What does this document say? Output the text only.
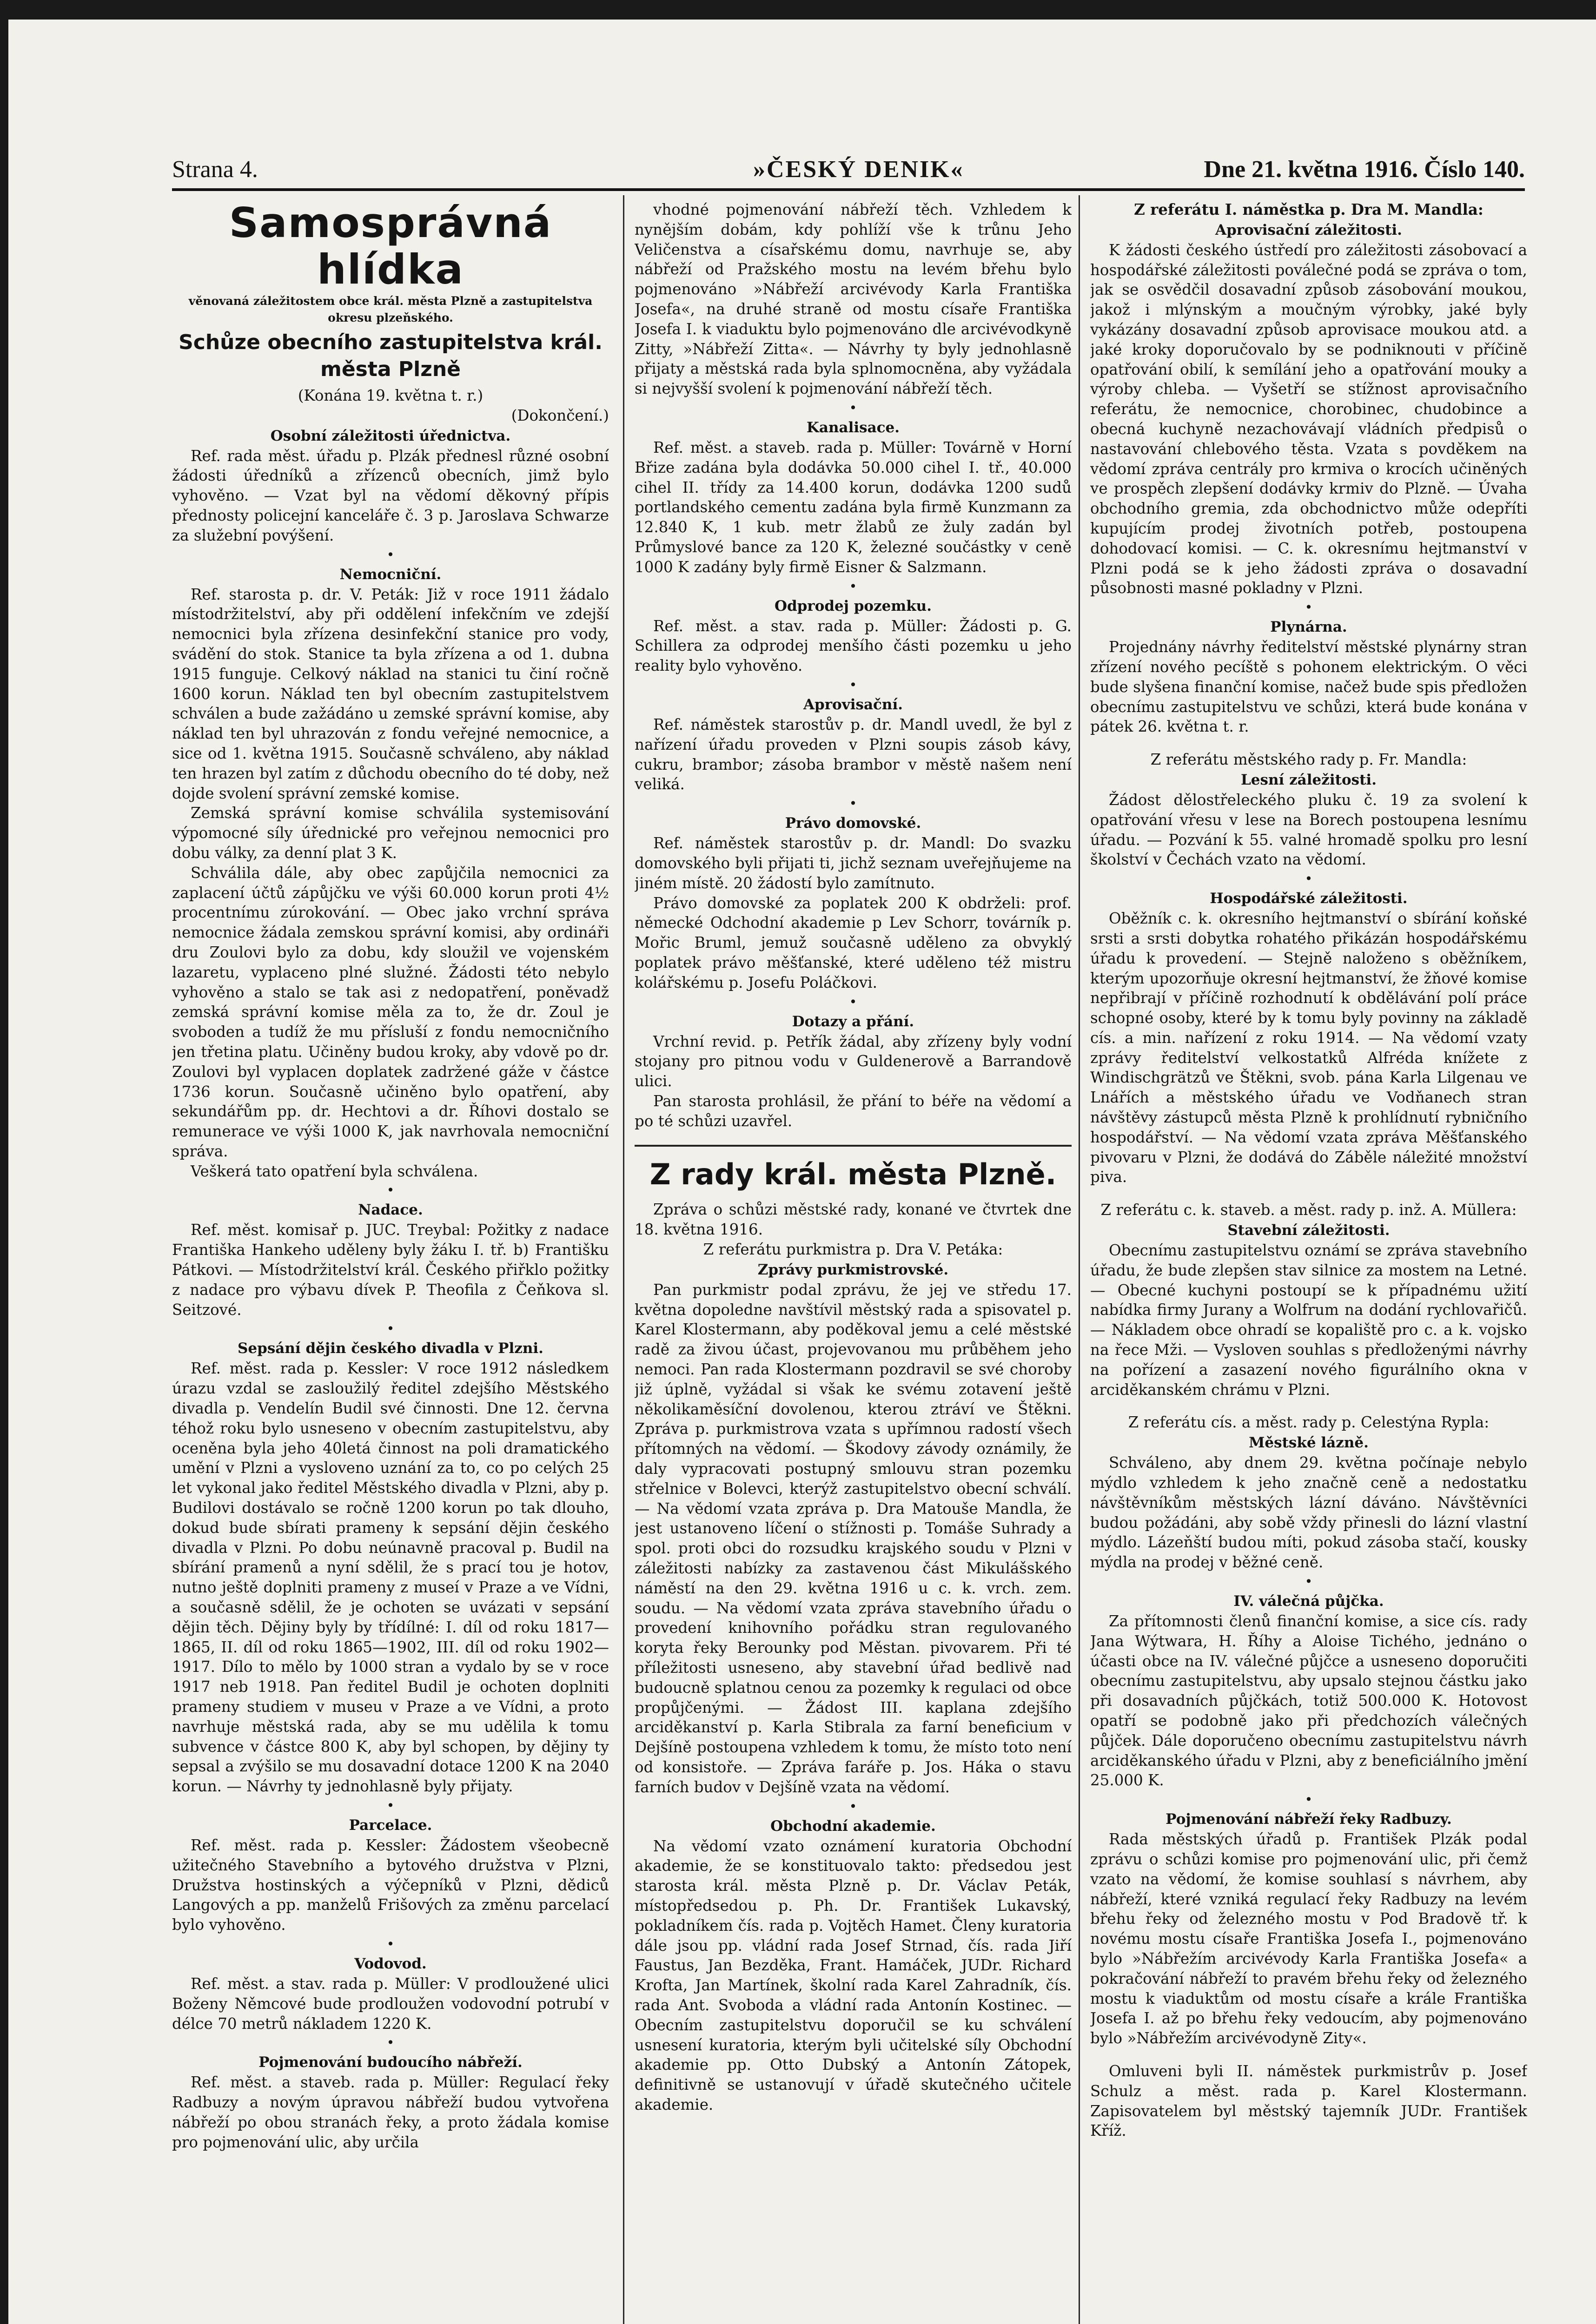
Strana 4.	»ČESKÝ DENIK«	Dne 21. května 1916. Číslo 140.
Samosprávná hlídka
věnovaná záležitostem obce král. města Plzně a zastupitelstva okresu plzeňského.
Schůze obecního zastupitelstva král. města Plzně

(Konána 19. května t. r.)

(Dokončení.)

Osobní záležitosti úřednictva.

Ref. rada měst. úřadu p. Plzák přednesl různé osobní žádosti úředníků a zřízenců obecních, jimž bylo vyhověno. — Vzat byl na vědomí děkovný přípis přednosty policejní kanceláře č. 3 p. Jaroslava Schwarze za služební povýšení.

•
Nemocniční.

Ref. starosta p. dr. V. Peták: Již v roce 1911 žádalo místodržitelství, aby při oddělení infekčním ve zdejší nemocnici byla zřízena desinfekční stanice pro vody, svádění do stok. Stanice ta byla zřízena a od 1. dubna 1915 funguje. Celkový náklad na stanici tu činí ročně 1600 korun. Náklad ten byl obecním zastupitelstvem schválen a bude zažádáno u zemské správní komise, aby náklad ten byl uhrazován z fondu veřejné nemocnice, a sice od 1. května 1915. Současně schváleno, aby náklad ten hrazen byl zatím z důchodu obecního do té doby, než dojde svolení správní zemské komise.

Zemská správní komise schválila systemisování výpomocné síly úřednické pro veřejnou nemocnici pro dobu války, za denní plat 3 K.

Schválila dále, aby obec zapůjčila nemocnici za zaplacení účtů zápůjčku ve výši 60.000 korun proti 4½ procentnímu zúrokování. — Obec jako vrchní správa nemocnice žádala zemskou správní komisi, aby ordináři dru Zoulovi bylo za dobu, kdy sloužil ve vojenském lazaretu, vyplaceno plné služné. Žádosti této nebylo vyhověno a stalo se tak asi z nedopatření, poněvadž zemská správní komise měla za to, že dr. Zoul je svoboden a tudíž že mu přísluší z fondu nemocničního jen třetina platu. Učiněny budou kroky, aby vdově po dr. Zoulovi byl vyplacen doplatek zadržené gáže v částce 1736 korun. Současně učiněno bylo opatření, aby sekundářům pp. dr. Hechtovi a dr. Říhovi dostalo se remunerace ve výši 1000 K, jak navrhovala nemocniční správa.

Veškerá tato opatření byla schválena.

•
Nadace.

Ref. měst. komisař p. JUC. Treybal: Požitky z nadace Františka Hankeho uděleny byly žáku I. tř. b) Františku Pátkovi. — Místodržitelství král. Českého přiřklo požitky z nadace pro výbavu dívek P. Theofila z Čeňkova sl. Seitzové.

•
Sepsání dějin českého divadla v Plzni.

Ref. měst. rada p. Kessler: V roce 1912 následkem úrazu vzdal se zasloužilý ředitel zdejšího Městského divadla p. Vendelín Budil své činnosti. Dne 12. června téhož roku bylo usneseno v obecním zastupitelstvu, aby oceněna byla jeho 40letá činnost na poli dramatického umění v Plzni a vysloveno uznání za to, co po celých 25 let vykonal jako ředitel Městského divadla v Plzni, aby p. Budilovi dostávalo se ročně 1200 korun po tak dlouho, dokud bude sbírati prameny k sepsání dějin českého divadla v Plzni. Po dobu neúnavně pracoval p. Budil na sbírání pramenů a nyní sdělil, že s prací tou je hotov, nutno ještě doplniti prameny z museí v Praze a ve Vídni, a současně sdělil, že je ochoten se uvázati v sepsání dějin těch. Dějiny byly by třídílné: I. díl od roku 1817—1865, II. díl od roku 1865—1902, III. díl od roku 1902—1917. Dílo to mělo by 1000 stran a vydalo by se v roce 1917 neb 1918. Pan ředitel Budil je ochoten doplniti prameny studiem v museu v Praze a ve Vídni, a proto navrhuje městská rada, aby se mu udělila k tomu subvence v částce 800 K, aby byl schopen, by dějiny ty sepsal a zvýšilo se mu dosavadní dotace 1200 K na 2040 korun. — Návrhy ty jednohlasně byly přijaty.

•
Parcelace.

Ref. měst. rada p. Kessler: Žádostem všeobecně užitečného Stavebního a bytového družstva v Plzni, Družstva hostinských a výčepníků v Plzni, dědiců Langových a pp. manželů Frišových za změnu parcelací bylo vyhověno.

•
Vodovod.

Ref. měst. a stav. rada p. Müller: V prodloužené ulici Boženy Němcové bude prodloužen vodovodní potrubí v délce 70 metrů nákladem 1220 K.

•
Pojmenování budoucího nábřeží.

Ref. měst. a staveb. rada p. Müller: Regulací řeky Radbuzy a novým úpravou nábřeží budou vytvořena nábřeží po obou stranách řeky, a proto žádala komise pro pojmenování ulic, aby určila

vhodné pojmenování nábřeží těch. Vzhledem k nynějším dobám, kdy pohlíží vše k trůnu Jeho Veličenstva a císařskému domu, navrhuje se, aby nábřeží od Pražského mostu na levém břehu bylo pojmenováno »Nábřeží arcivévody Karla Františka Josefa«, na druhé straně od mostu císaře Františka Josefa I. k viaduktu bylo pojmenováno dle arcivévodkyně Zitty, »Nábřeží Zitta«. — Návrhy ty byly jednohlasně přijaty a městská rada byla splnomocněna, aby vyžádala si nejvyšší svolení k pojmenování nábřeží těch.

•
Kanalisace.

Ref. měst. a staveb. rada p. Müller: Továrně v Horní Břize zadána byla dodávka 50.000 cihel I. tř., 40.000 cihel II. třídy za 14.400 korun, dodávka 1200 sudů portlandského cementu zadána byla firmě Kunzmann za 12.840 K, 1 kub. metr žlabů ze žuly zadán byl Průmyslové bance za 120 K, železné součástky v ceně 1000 K zadány byly firmě Eisner & Salzmann.

•
Odprodej pozemku.

Ref. měst. a stav. rada p. Müller: Žádosti p. G. Schillera za odprodej menšího části pozemku u jeho reality bylo vyhověno.

•
Aprovisační.

Ref. náměstek starostův p. dr. Mandl uvedl, že byl z nařízení úřadu proveden v Plzni soupis zásob kávy, cukru, brambor; zásoba brambor v městě našem není veliká.

•
Právo domovské.

Ref. náměstek starostův p. dr. Mandl: Do svazku domovského byli přijati ti, jichž seznam uveřejňujeme na jiném místě. 20 žádostí bylo zamítnuto.

Právo domovské za poplatek 200 K obdrželi: prof. německé Odchodní akademie p Lev Schorr, továrník p. Mořic Bruml, jemuž současně uděleno za obvyklý poplatek právo měšťanské, které uděleno též mistru kolářskému p. Josefu Poláčkovi.

•
Dotazy a přání.

Vrchní revid. p. Petřík žádal, aby zřízeny byly vodní stojany pro pitnou vodu v Guldenerově a Barrandově ulici.

Pan starosta prohlásil, že přání to béře na vědomí a po té schůzi uzavřel.

Z rady král. města Plzně.

Zpráva o schůzi městské rady, konané ve čtvrtek dne 18. května 1916.

Z referátu purkmistra p. Dra V. Petáka:

Zprávy purkmistrovské.

Pan purkmistr podal zprávu, že jej ve středu 17. května dopoledne navštívil městský rada a spisovatel p. Karel Klostermann, aby poděkoval jemu a celé městské radě za živou účast, projevovanou mu průběhem jeho nemoci. Pan rada Klostermann pozdravil se své choroby již úplně, vyžádal si však ke svému zotavení ještě několikaměsíční dovolenou, kterou ztráví ve Štěkni. Zpráva p. purkmistrova vzata s upřímnou radostí všech přítomných na vědomí. — Škodovy závody oznámily, že daly vypracovati postupný smlouvu stran pozemku střelnice v Bolevci, kterýž zastupitelstvo obecní schválí. — Na vědomí vzata zpráva p. Dra Matouše Mandla, že jest ustanoveno líčení o stížnosti p. Tomáše Suhrady a spol. proti obci do rozsudku krajského soudu v Plzni v záležitosti nabízky za zastavenou část Mikulášského náměstí na den 29. května 1916 u c. k. vrch. zem. soudu. — Na vědomí vzata zpráva stavebního úřadu o provedení knihovního pořádku stran regulovaného koryta řeky Berounky pod Městan. pivovarem. Při té příležitosti usneseno, aby stavební úřad bedlivě nad budoucně splatnou cenou za pozemky k regulaci od obce propůjčenými. — Žádost III. kaplana zdejšího arciděkanství p. Karla Stibrala za farní beneficium v Dejšíně postoupena vzhledem k tomu, že místo toto není od konsistoře. — Zpráva faráře p. Jos. Háka o stavu farních budov v Dejšíně vzata na vědomí.

•
Obchodní akademie.

Na vědomí vzato oznámení kuratoria Obchodní akademie, že se konstituovalo takto: předsedou jest starosta král. města Plzně p. Dr. Václav Peták, místopředsedou p. Ph. Dr. František Lukavský, pokladníkem čís. rada p. Vojtěch Hamet. Členy kuratoria dále jsou pp. vládní rada Josef Strnad, čís. rada Jiří Faustus, Jan Bezděka, Frant. Hamáček, JUDr. Richard Krofta, Jan Martínek, školní rada Karel Zahradník, čís. rada Ant. Svoboda a vládní rada Antonín Kostinec. — Obecním zastupitelstvu doporučil se ku schválení usnesení kuratoria, kterým byli učitelské síly Obchodní akademie pp. Otto Dubský a Antonín Zátopek, definitivně se ustanovují v úřadě skutečného učitele akademie.

Z referátu I. náměstka p. Dra M. Mandla:

Aprovisační záležitosti.

K žádosti českého ústředí pro záležitosti zásobovací a hospodářské záležitosti poválečné podá se zpráva o tom, jak se osvědčil dosavadní způsob zásobování moukou, jakož i mlýnským a moučným výrobky, jaké byly vykázány dosavadní způsob aprovisace moukou atd. a jaké kroky doporučovalo by se podniknouti v příčině opatřování obilí, k semílání jeho a opatřování mouky a výroby chleba. — Vyšetří se stížnost aprovisačního referátu, že nemocnice, chorobinec, chudobince a obecná kuchyně nezachovávají vládních předpisů o nastavování chlebového těsta. Vzata s povděkem na vědomí zpráva centrály pro krmiva o krocích učiněných ve prospěch zlepšení dodávky krmiv do Plzně. — Úvaha obchodního gremia, zda obchodnictvo může odepříti kupujícím prodej životních potřeb, postoupena dohodovací komisi. — C. k. okresnímu hejtmanství v Plzni podá se k jeho žádosti zpráva o dosavadní působnosti masné pokladny v Plzni.

•
Plynárna.

Projednány návrhy ředitelství městské plynárny stran zřízení nového pecíště s pohonem elektrickým. O věci bude slyšena finanční komise, načež bude spis předložen obecnímu zastupitelstvu ve schůzi, která bude konána v pátek 26. května t. r.

Z referátu městského rady p. Fr. Mandla:

Lesní záležitosti.

Žádost dělostřeleckého pluku č. 19 za svolení k opatřování vřesu v lese na Borech postoupena lesnímu úřadu. — Pozvání k 55. valné hromadě spolku pro lesní školství v Čechách vzato na vědomí.

•
Hospodářské záležitosti.

Oběžník c. k. okresního hejtmanství o sbírání koňské srsti a srsti dobytka rohatého přikázán hospodářskému úřadu k provedení. — Stejně naloženo s oběžníkem, kterým upozorňuje okresní hejtmanství, že žňové komise nepřibrají v příčině rozhodnutí k obdělávání polí práce schopné osoby, které by k tomu byly povinny na základě cís. a min. nařízení z roku 1914. — Na vědomí vzaty zprávy ředitelství velkostatků Alfréda knížete z Windischgrätzů ve Štěkni, svob. pána Karla Lilgenau ve Lnářích a městského úřadu ve Vodňanech stran návštěvy zástupců města Plzně k prohlídnutí rybničního hospodářství. — Na vědomí vzata zpráva Měšťanského pivovaru v Plzni, že dodává do Záběle náležité množství piva.

Z referátu c. k. staveb. a měst. rady p. inž. A. Müllera:

Stavební záležitosti.

Obecnímu zastupitelstvu oznámí se zpráva stavebního úřadu, že bude zlepšen stav silnice za mostem na Letné. — Obecné kuchyni postoupí se k případnému užití nabídka firmy Jurany a Wolfrum na dodání rychlovařičů. — Nákladem obce ohradí se kopaliště pro c. a k. vojsko na řece Mži. — Vysloven souhlas s předloženými návrhy na pořízení a zasazení nového figurálního okna v arciděkanském chrámu v Plzni.

Z referátu cís. a měst. rady p. Celestýna Rypla:

Městské lázně.

Schváleno, aby dnem 29. května počínaje nebylo mýdlo vzhledem k jeho značně ceně a nedostatku návštěvníkům městských lázní dáváno. Návštěvníci budou požádáni, aby sobě vždy přinesli do lázní vlastní mýdlo. Lázeňští budou míti, pokud zásoba stačí, kousky mýdla na prodej v běžné ceně.

•
IV. válečná půjčka.

Za přítomnosti členů finanční komise, a sice cís. rady Jana Wýtwara, H. Říhy a Aloise Tichého, jednáno o účasti obce na IV. válečné půjčce a usneseno doporučiti obecnímu zastupitelstvu, aby upsalo stejnou částku jako při dosavadních půjčkách, totiž 500.000 K. Hotovost opatří se podobně jako při předchozích válečných půjček. Dále doporučeno obecnímu zastupitelstvu návrh arciděkanského úřadu v Plzni, aby z beneficiálního jmění 25.000 K.

•
Pojmenování nábřeží řeky Radbuzy.

Rada městských úřadů p. František Plzák podal zprávu o schůzi komise pro pojmenování ulic, při čemž vzato na vědomí, že komise souhlasí s návrhem, aby nábřeží, které vzniká regulací řeky Radbuzy na levém břehu řeky od železného mostu v Pod Bradově tř. k novému mostu císaře Františka Josefa I., pojmenováno bylo »Nábřežím arcivévody Karla Františka Josefa« a pokračování nábřeží to pravém břehu řeky od železného mostu k viaduktům od mostu císaře a krále Františka Josefa I. až po břehu řeky vedoucím, aby pojmenováno bylo »Nábřežím arcivévodyně Zity«.

Omluveni byli II. náměstek purkmistrův p. Josef Schulz a měst. rada p. Karel Klostermann. Zapisovatelem byl městský tajemník JUDr. František Kříž.
